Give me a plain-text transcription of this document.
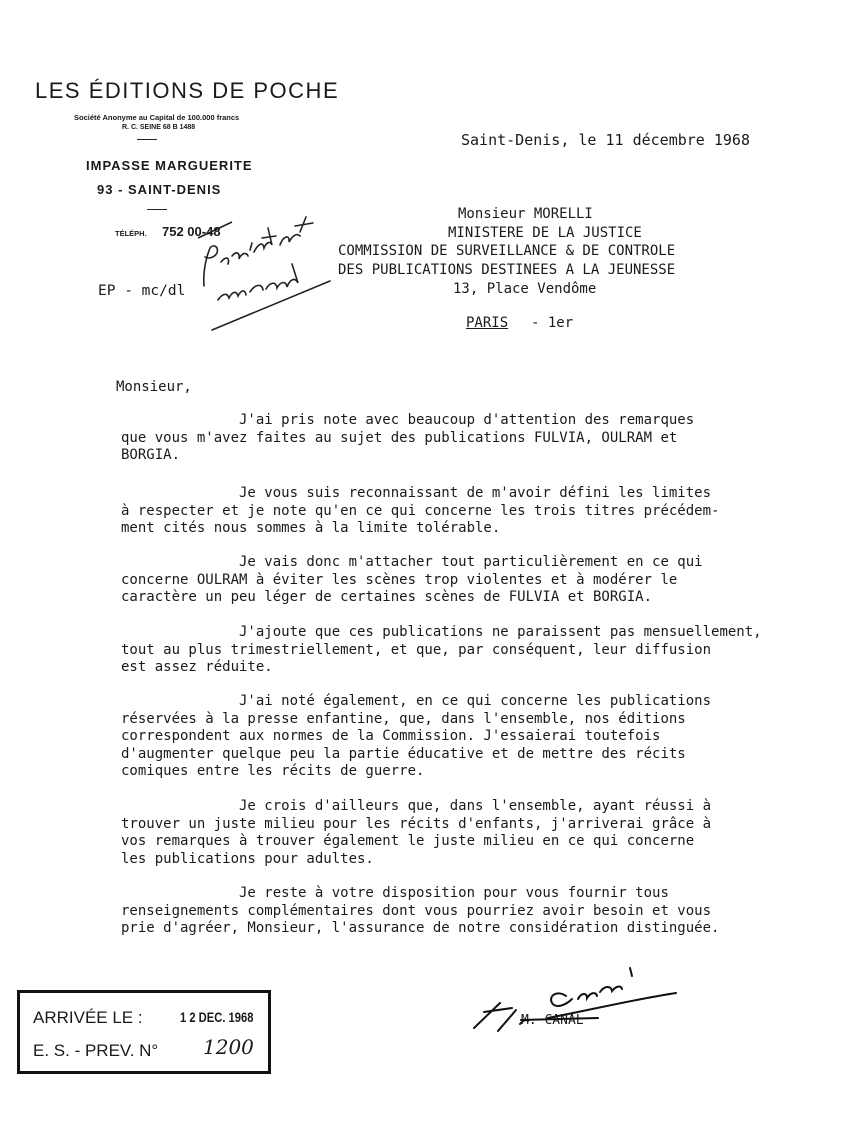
LES ÉDITIONS DE POCHE
Société Anonyme au Capital de 100.000 francs
R. C. SEINE 68 B 1488
IMPASSE MARGUERITE
93 - SAINT-DENIS
TÉLÉPH. 752 00-48
EP - mc/dl
Saint-Denis, le 11 décembre 1968
Monsieur MORELLI
MINISTERE DE LA JUSTICE
COMMISSION DE SURVEILLANCE & DE CONTROLE
DES PUBLICATIONS DESTINEES A LA JEUNESSE
13, Place Vendôme
PARIS - 1er
Monsieur,
J'ai pris note avec beaucoup d'attention des remarques
que vous m'avez faites au sujet des publications FULVIA, OULRAM et
BORGIA.
Je vous suis reconnaissant de m'avoir défini les limites
à respecter et je note qu'en ce qui concerne les trois titres précédem-
ment cités nous sommes à la limite tolérable.
Je vais donc m'attacher tout particulièrement en ce qui
concerne OULRAM à éviter les scènes trop violentes et à modérer le
caractère un peu léger de certaines scènes de FULVIA et BORGIA.
J'ajoute que ces publications ne paraissent pas mensuellement,
tout au plus trimestriellement, et que, par conséquent, leur diffusion
est assez réduite.
J'ai noté également, en ce qui concerne les publications
réservées à la presse enfantine, que, dans l'ensemble, nos éditions
correspondent aux normes de la Commission. J'essaierai toutefois
d'augmenter quelque peu la partie éducative et de mettre des récits
comiques entre les récits de guerre.
Je crois d'ailleurs que, dans l'ensemble, ayant réussi à
trouver un juste milieu pour les récits d'enfants, j'arriverai grâce à
vos remarques à trouver également le juste milieu en ce qui concerne
les publications pour adultes.
Je reste à votre disposition pour vous fournir tous
renseignements complémentaires dont vous pourriez avoir besoin et vous
prie d'agréer, Monsieur, l'assurance de notre considération distinguée.
M. CANAL
ARRIVÉE LE :	1 2 DEC. 1968
E. S. - PREV. N° 1200
